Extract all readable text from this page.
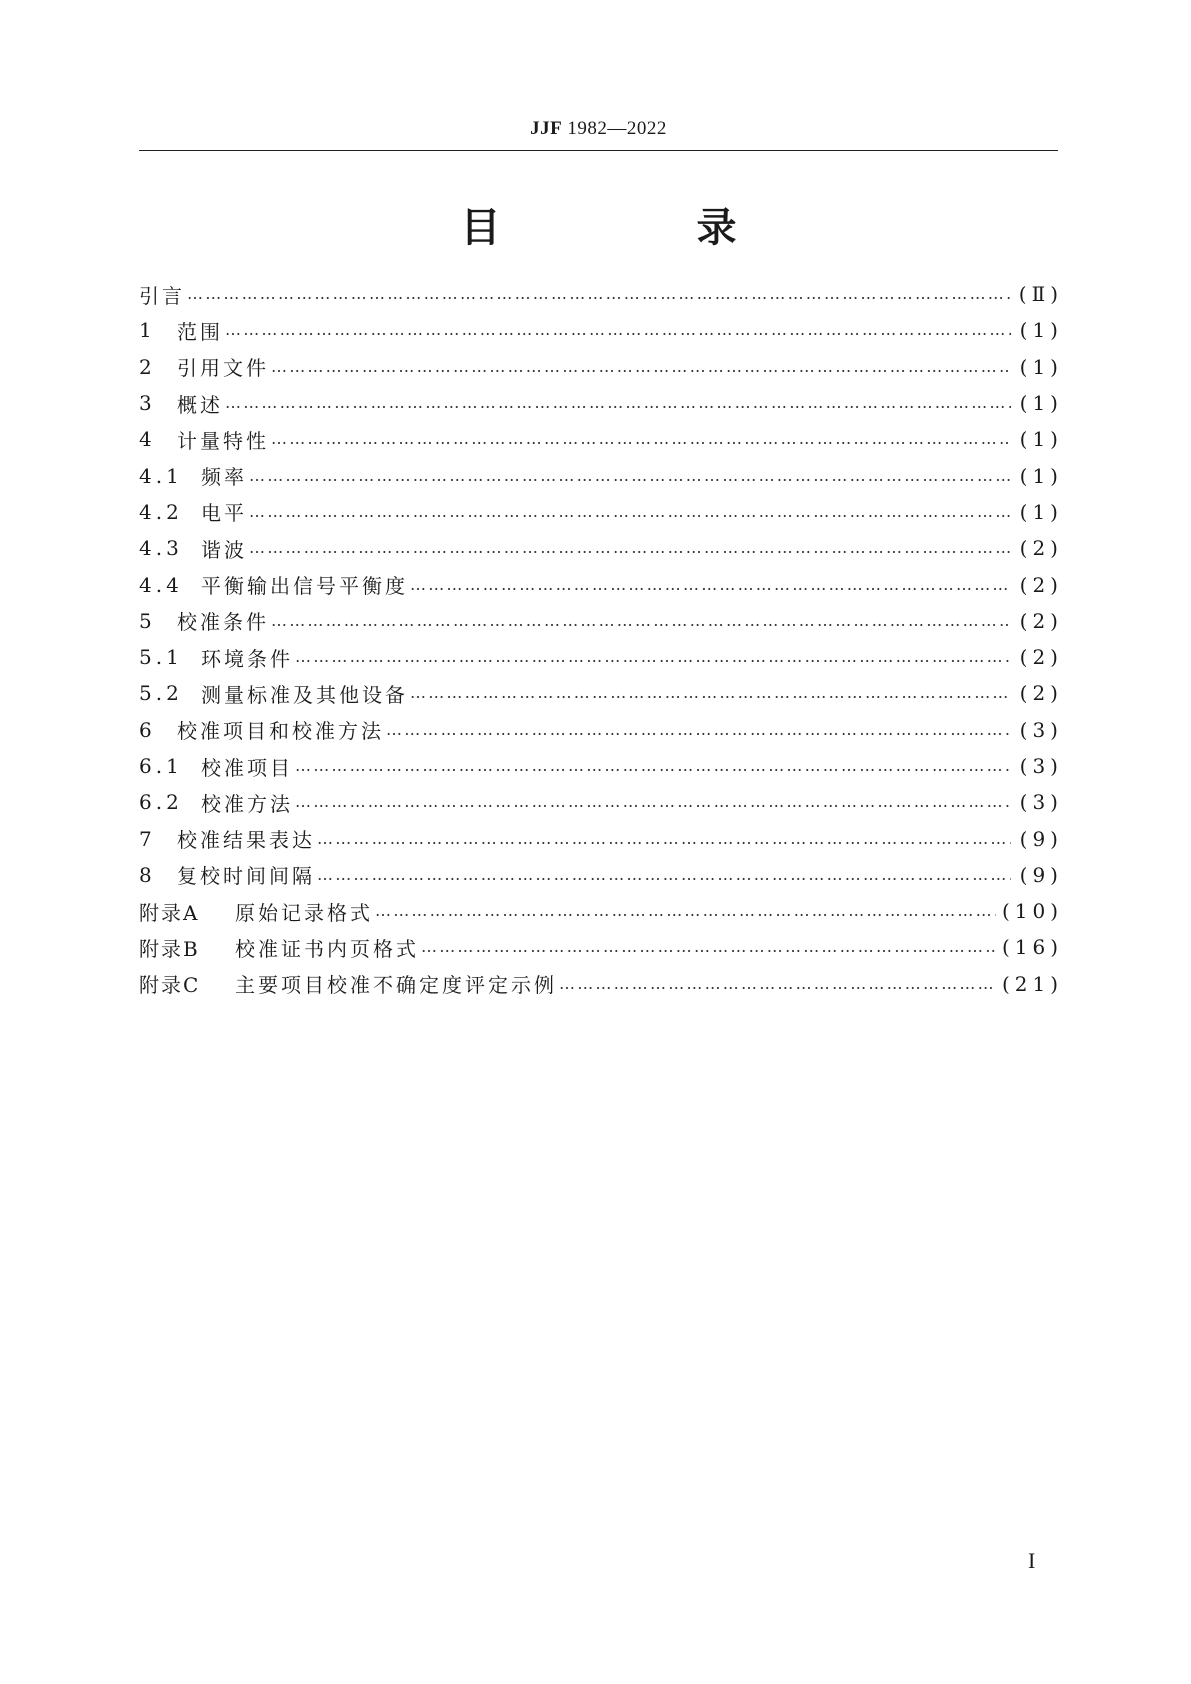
JJF 1982—2022
目　录
引言 ……………………………………………………………………………………………………………………………………………………………………………………………………………………………………	(Ⅱ)
1	范围 ……………………………………………………………………………………………………………………………………………………………………………………………………………………………………	(1)
2	引用文件 ……………………………………………………………………………………………………………………………………………………………………………………………………………………………………	(1)
3	概述 ……………………………………………………………………………………………………………………………………………………………………………………………………………………………………	(1)
4	计量特性 ……………………………………………………………………………………………………………………………………………………………………………………………………………………………………	(1)
4.1 频率 ……………………………………………………………………………………………………………………………………………………………………………………………………………………………………	(1)
4.2 电平 ……………………………………………………………………………………………………………………………………………………………………………………………………………………………………	(1)
4.3 谐波 ……………………………………………………………………………………………………………………………………………………………………………………………………………………………………	(2)
4.4 平衡输出信号平衡度 ……………………………………………………………………………………………………………………………………………………………………………………………………………………………………	(2)
5	校准条件 ……………………………………………………………………………………………………………………………………………………………………………………………………………………………………	(2)
5.1 环境条件 ……………………………………………………………………………………………………………………………………………………………………………………………………………………………………	(2)
5.2 测量标准及其他设备 ……………………………………………………………………………………………………………………………………………………………………………………………………………………………………	(2)
6	校准项目和校准方法 ……………………………………………………………………………………………………………………………………………………………………………………………………………………………………	(3)
6.1 校准项目 ……………………………………………………………………………………………………………………………………………………………………………………………………………………………………	(3)
6.2 校准方法 ……………………………………………………………………………………………………………………………………………………………………………………………………………………………………	(3)
7	校准结果表达 ……………………………………………………………………………………………………………………………………………………………………………………………………………………………………	(9)
8	复校时间间隔 ……………………………………………………………………………………………………………………………………………………………………………………………………………………………………	(9)
附录A	原始记录格式 ……………………………………………………………………………………………………………………………………………………………………………………………………………………………………	(10)
附录B	校准证书内页格式 ……………………………………………………………………………………………………………………………………………………………………………………………………………………………………	(16)
附录C	主要项目校准不确定度评定示例 ……………………………………………………………………………………………………………………………………………………………………………………………………………………………………	(21)
I
